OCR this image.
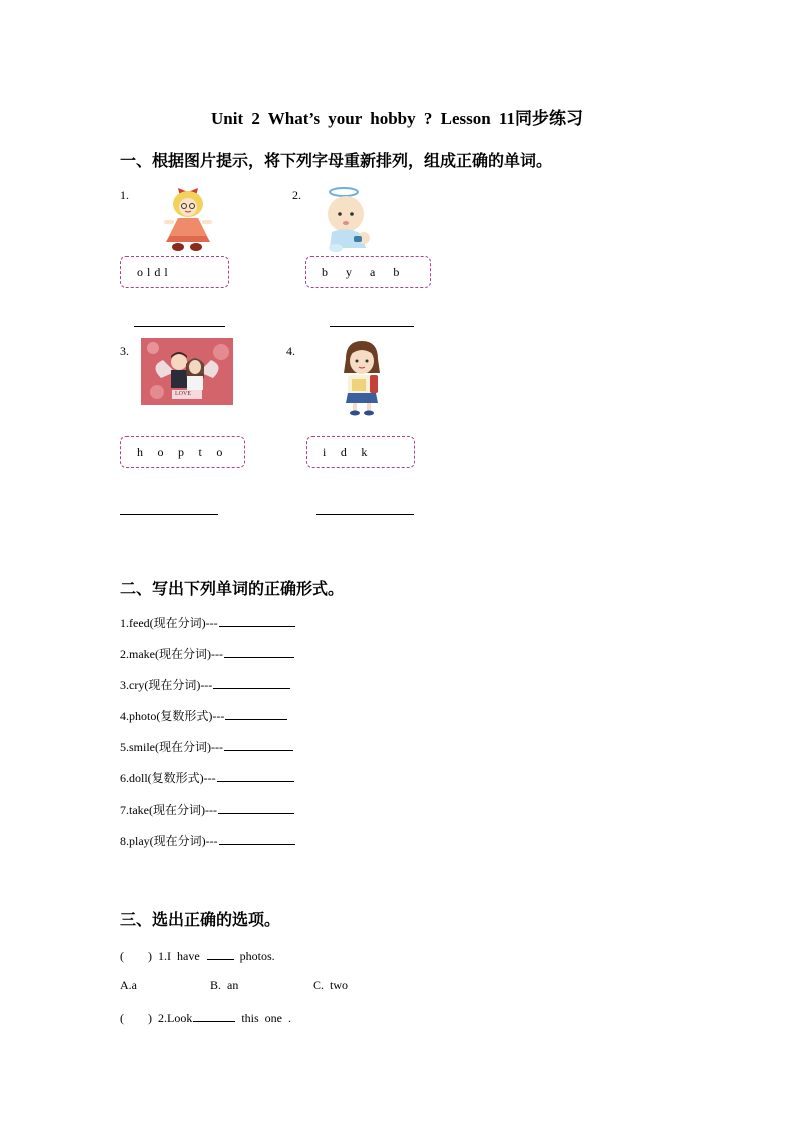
Unit 2 What’s your hobby ? Lesson 11同步练习
一、根据图片提示，将下列字母重新排列，组成正确的单词。
1.
o l d l
2.
b     y     a     b
3.
LOVE
h    o    p    t    o
4.
i    d    k
二、写出下列单词的正确形式。
1.feed(现在分词)---
2.make(现在分词)---
3.cry(现在分词)---
4.photo(复数形式)---
5.smile(现在分词)---
6.doll(复数形式)---
7.take(现在分词)---
8.play(现在分词)---
三、选出正确的选项。
(        ) 1.I  have	photos.
A.a	B.  an	C.  two
(        ) 2.Look	this  one  .
